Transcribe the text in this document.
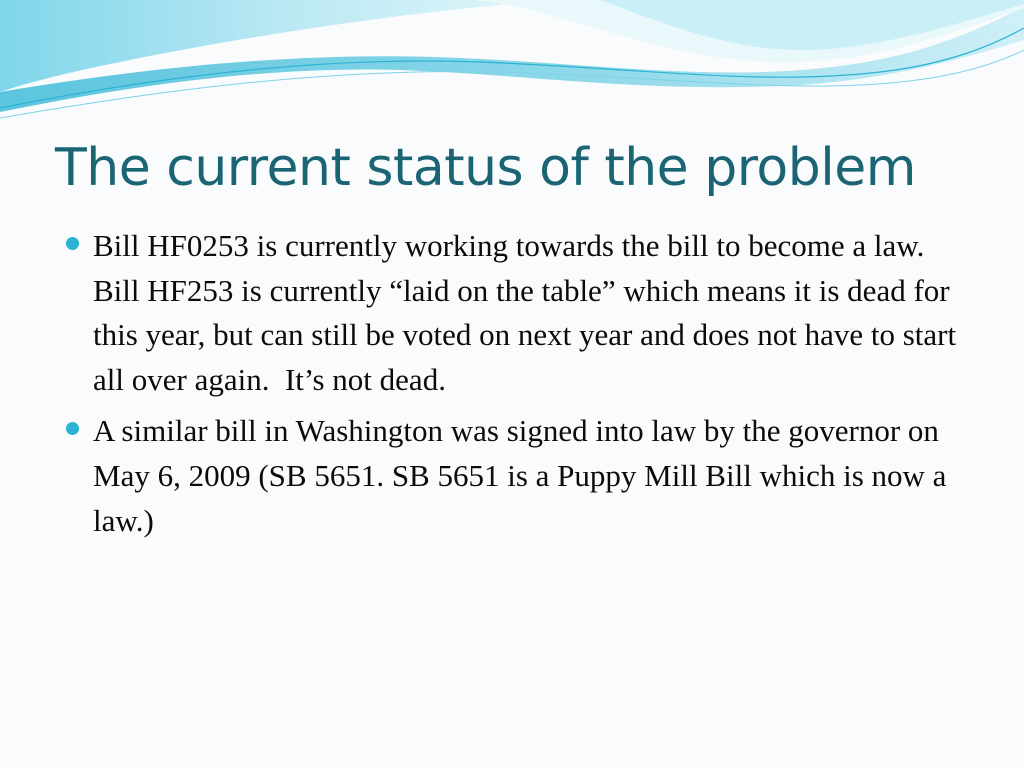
The current status of the problem
Bill HF0253 is currently working towards the bill to become a law.  Bill HF253 is currently “laid on the table” which means it is dead for this year, but can still be voted on next year and does not have to start all over again.  It’s not dead.
A similar bill in Washington was signed into law by the governor on May 6, 2009 (SB 5651. SB 5651 is a Puppy Mill Bill which is now a law.)
